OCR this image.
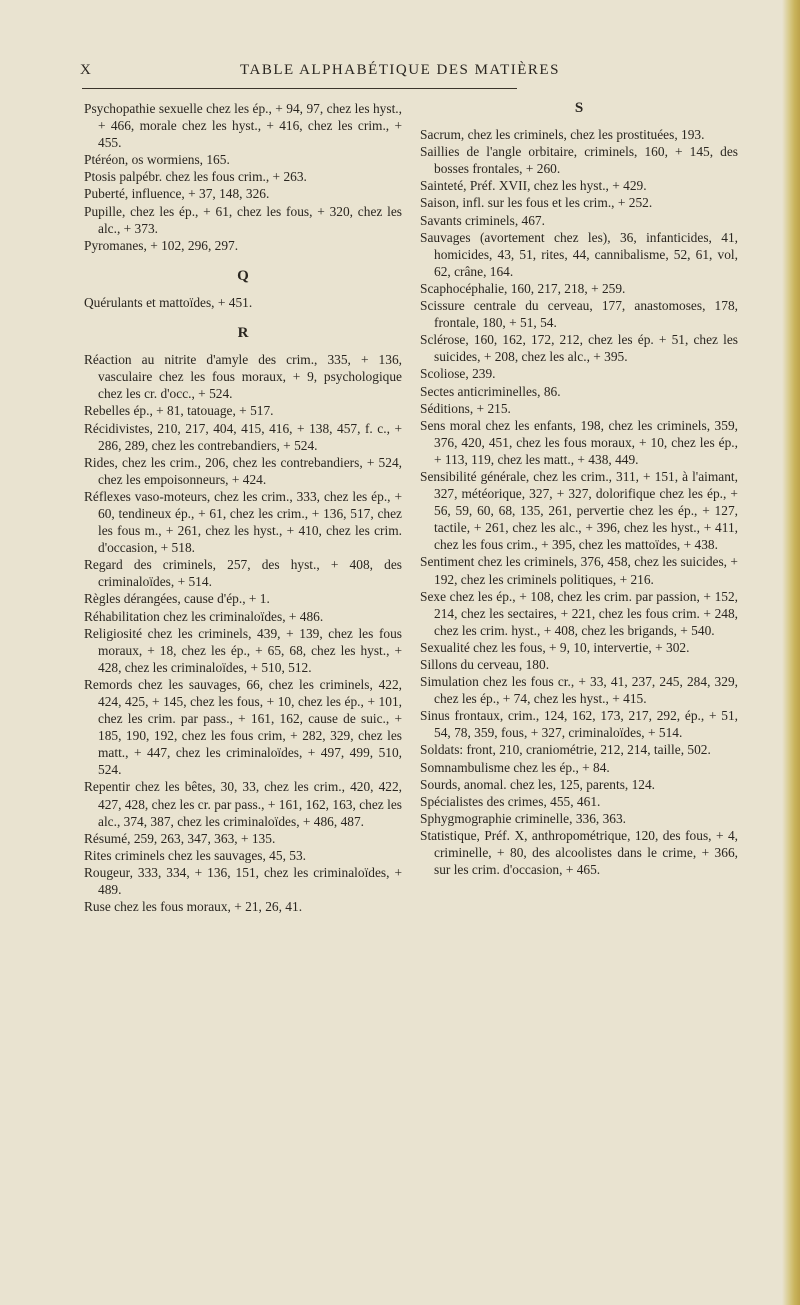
X	TABLE ALPHABÉTIQUE DES MATIÈRES

Psychopathie sexuelle chez les ép., + 94, 97, chez les hyst., + 466, morale chez les hyst., + 416, chez les crim., + 455.

Ptéréon, os wormiens, 165.

Ptosis palpébr. chez les fous crim., + 263.

Puberté, influence, + 37, 148, 326.

Pupille, chez les ép., + 61, chez les fous, + 320, chez les alc., + 373.

Pyromanes, + 102, 296, 297.

Q

Quérulants et mattoïdes, + 451.

R

Réaction au nitrite d'amyle des crim., 335, + 136, vasculaire chez les fous moraux, + 9, psychologique chez les cr. d'occ., + 524.

Rebelles ép., + 81, tatouage, + 517.

Récidivistes, 210, 217, 404, 415, 416, + 138, 457, f. c., + 286, 289, chez les contrebandiers, + 524.

Rides, chez les crim., 206, chez les contrebandiers, + 524, chez les empoisonneurs, + 424.

Réflexes vaso-moteurs, chez les crim., 333, chez les ép., + 60, tendineux ép., + 61, chez les crim., + 136, 517, chez les fous m., + 261, chez les hyst., + 410, chez les crim. d'occasion, + 518.

Regard des criminels, 257, des hyst., + 408, des criminaloïdes, + 514.

Règles dérangées, cause d'ép., + 1.

Réhabilitation chez les criminaloïdes, + 486.

Religiosité chez les criminels, 439, + 139, chez les fous moraux, + 18, chez les ép., + 65, 68, chez les hyst., + 428, chez les criminaloïdes, + 510, 512.

Remords chez les sauvages, 66, chez les criminels, 422, 424, 425, + 145, chez les fous, + 10, chez les ép., + 101, chez les crim. par pass., + 161, 162, cause de suic., + 185, 190, 192, chez les fous crim, + 282, 329, chez les matt., + 447, chez les criminaloïdes, + 497, 499, 510, 524.

Repentir chez les bêtes, 30, 33, chez les crim., 420, 422, 427, 428, chez les cr. par pass., + 161, 162, 163, chez les alc., 374, 387, chez les criminaloïdes, + 486, 487.

Résumé, 259, 263, 347, 363, + 135.

Rites criminels chez les sauvages, 45, 53.

Rougeur, 333, 334, + 136, 151, chez les criminaloïdes, + 489.

Ruse chez les fous moraux, + 21, 26, 41.

S

Sacrum, chez les criminels, chez les prostituées, 193.

Saillies de l'angle orbitaire, criminels, 160, + 145, des bosses frontales, + 260.

Sainteté, Préf. XVII, chez les hyst., + 429.

Saison, infl. sur les fous et les crim., + 252.

Savants criminels, 467.

Sauvages (avortement chez les), 36, infanticides, 41, homicides, 43, 51, rites, 44, cannibalisme, 52, 61, vol, 62, crâne, 164.

Scaphocéphalie, 160, 217, 218, + 259.

Scissure centrale du cerveau, 177, anastomoses, 178, frontale, 180, + 51, 54.

Sclérose, 160, 162, 172, 212, chez les ép. + 51, chez les suicides, + 208, chez les alc., + 395.

Scoliose, 239.

Sectes anticriminelles, 86.

Séditions, + 215.

Sens moral chez les enfants, 198, chez les criminels, 359, 376, 420, 451, chez les fous moraux, + 10, chez les ép., + 113, 119, chez les matt., + 438, 449.

Sensibilité générale, chez les crim., 311, + 151, à l'aimant, 327, météorique, 327, + 327, dolorifique chez les ép., + 56, 59, 60, 68, 135, 261, pervertie chez les ép., + 127, tactile, + 261, chez les alc., + 396, chez les hyst., + 411, chez les fous crim., + 395, chez les mattoïdes, + 438.

Sentiment chez les criminels, 376, 458, chez les suicides, + 192, chez les criminels politiques, + 216.

Sexe chez les ép., + 108, chez les crim. par passion, + 152, 214, chez les sectaires, + 221, chez les fous crim. + 248, chez les crim. hyst., + 408, chez les brigands, + 540.

Sexualité chez les fous, + 9, 10, intervertie, + 302.

Sillons du cerveau, 180.

Simulation chez les fous cr., + 33, 41, 237, 245, 284, 329, chez les ép., + 74, chez les hyst., + 415.

Sinus frontaux, crim., 124, 162, 173, 217, 292, ép., + 51, 54, 78, 359, fous, + 327, criminaloïdes, + 514.

Soldats: front, 210, craniométrie, 212, 214, taille, 502.

Somnambulisme chez les ép., + 84.

Sourds, anomal. chez les, 125, parents, 124.

Spécialistes des crimes, 455, 461.

Sphygmographie criminelle, 336, 363.

Statistique, Préf. X, anthropométrique, 120, des fous, + 4, criminelle, + 80, des alcoolistes dans le crime, + 366, sur les crim. d'occasion, + 465.
